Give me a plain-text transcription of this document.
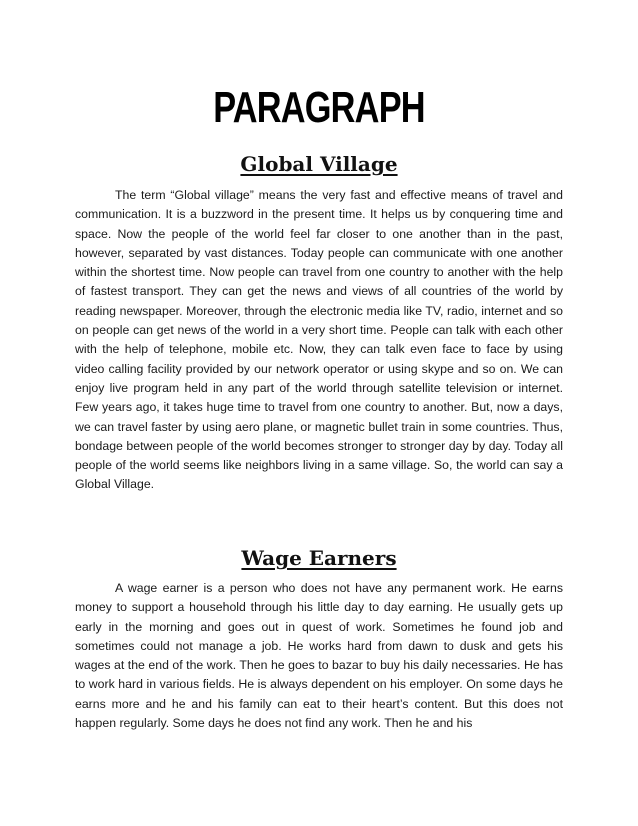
PARAGRAPH
Global Village

The term “Global village” means the very fast and effective means of travel and communication. It is a buzzword in the present time. It helps us by conquering time and space. Now the people of the world feel far closer to one another than in the past, however, separated by vast distances. Today people can communicate with one another within the shortest time. Now people can travel from one country to another with the help of fastest transport. They can get the news and views of all countries of the world by reading newspaper. Moreover, through the electronic media like TV, radio, internet and so on people can get news of the world in a very short time. People can talk with each other with the help of telephone, mobile etc. Now, they can talk even face to face by using video calling facility provided by our network operator or using skype and so on. We can enjoy live program held in any part of the world through satellite television or internet. Few years ago, it takes huge time to travel from one country to another. But, now a days, we can travel faster by using aero plane, or magnetic bullet train in some countries. Thus, bondage between people of the world becomes stronger to stronger day by day. Today all people of the world seems like neighbors living in a same village. So, the world can say a Global Village.

Wage Earners

A wage earner is a person who does not have any permanent work. He earns money to support a household through his little day to day earning. He usually gets up early in the morning and goes out in quest of work. Sometimes he found job and sometimes could not manage a job. He works hard from dawn to dusk and gets his wages at the end of the work. Then he goes to bazar to buy his daily necessaries. He has to work hard in various fields. He is always dependent on his employer. On some days he earns more and he and his family can eat to their heart’s content. But this does not happen regularly. Some days he does not find any work. Then he and his
